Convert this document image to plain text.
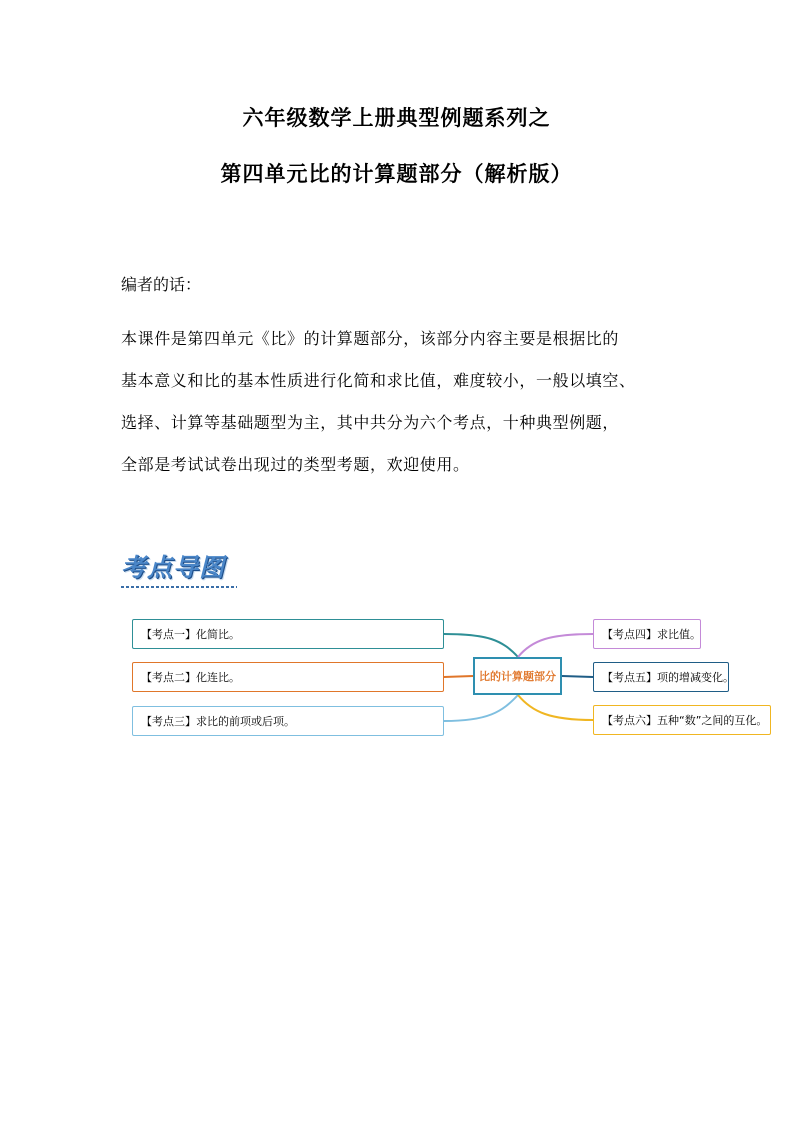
六年级数学上册典型例题系列之
第四单元比的计算题部分（解析版）
编者的话：
本课件是第四单元《比》的计算题部分，该部分内容主要是根据比的
基本意义和比的基本性质进行化简和求比值，难度较小，一般以填空、
选择、计算等基础题型为主，其中共分为六个考点，十种典型例题，
全部是考试试卷出现过的类型考题，欢迎使用。
考点导图
【考点一】化简比。
【考点二】化连比。
【考点三】求比的前项或后项。
比的计算题部分
【考点四】求比值。
【考点五】项的增减变化。
【考点六】五种“数”之间的互化。
